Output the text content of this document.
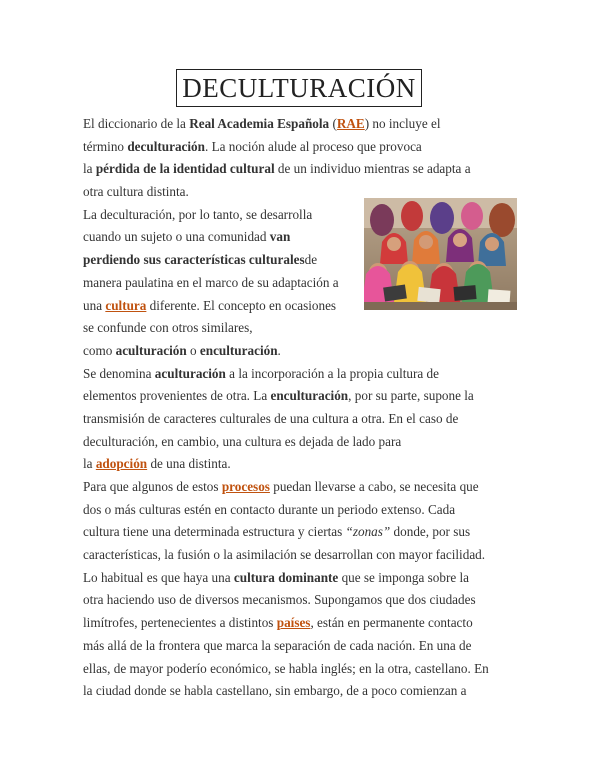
DECULTURACIÓN
El diccionario de la Real Academia Española (RAE) no incluye el
término deculturación. La noción alude al proceso que provoca
la pérdida de la identidad cultural de un individuo mientras se adapta a
otra cultura distinta.
La deculturación, por lo tanto, se desarrolla
cuando un sujeto o una comunidad van
perdiendo sus características culturalesde
manera paulatina en el marco de su adaptación a
una cultura diferente. El concepto en ocasiones
se confunde con otros similares,
como aculturación o enculturación.
Se denomina aculturación a la incorporación a la propia cultura de
elementos provenientes de otra. La enculturación, por su parte, supone la
transmisión de caracteres culturales de una cultura a otra. En el caso de
deculturación, en cambio, una cultura es dejada de lado para
la adopción de una distinta.
Para que algunos de estos procesos puedan llevarse a cabo, se necesita que
dos o más culturas estén en contacto durante un periodo extenso. Cada
cultura tiene una determinada estructura y ciertas “zonas” donde, por sus
características, la fusión o la asimilación se desarrollan con mayor facilidad.
Lo habitual es que haya una cultura dominante que se imponga sobre la
otra haciendo uso de diversos mecanismos. Supongamos que dos ciudades
limítrofes, pertenecientes a distintos países, están en permanente contacto
más allá de la frontera que marca la separación de cada nación. En una de
ellas, de mayor poderío económico, se habla inglés; en la otra, castellano. En
la ciudad donde se habla castellano, sin embargo, de a poco comienzan a
